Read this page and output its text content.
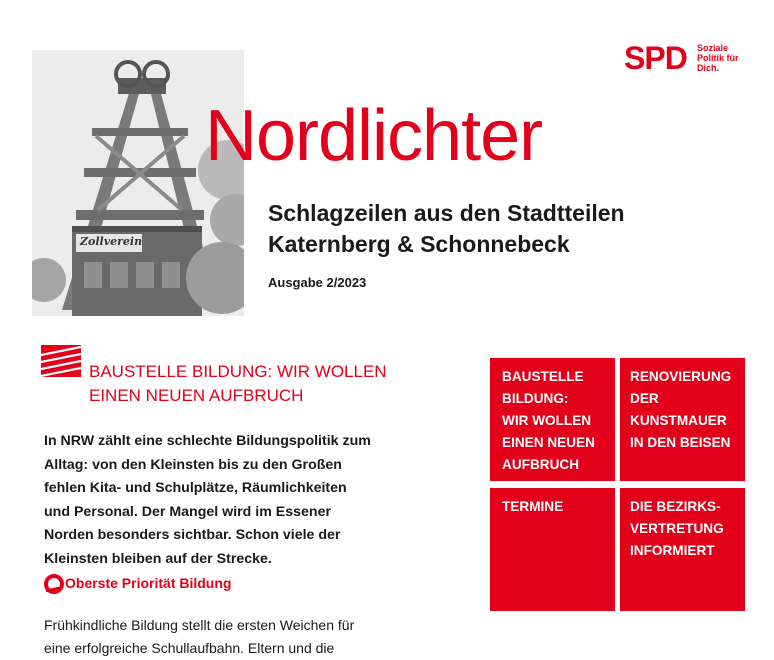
Zollverein
Nordlichter
Schlagzeilen aus den Stadtteilen
Katernberg & Schonnebeck
Ausgabe 2/2023
SPD Soziale
Politik für
Dich.
BAUSTELLE BILDUNG: WIR WOLLEN
EINEN NEUEN AUFBRUCH

In NRW zählt eine schlechte Bildungspolitik zum
Alltag: von den Kleinsten bis zu den Großen
fehlen Kita- und Schulplätze, Räumlichkeiten
und Personal. Der Mangel wird im Essener
Norden besonders sichtbar. Schon viele der
Kleinsten bleiben auf der Strecke.

Oberste Priorität Bildung

Frühkindliche Bildung stellt die ersten Weichen für
eine erfolgreiche Schullaufbahn. Eltern und die

BAUSTELLE
BILDUNG:
WIR WOLLEN
EINEN NEUEN
AUFBRUCH
RENOVIERUNG
DER
KUNSTMAUER
IN DEN BEISEN
TERMINE	DIE BEZIRKS-
VERTRETUNG
INFORMIERT
